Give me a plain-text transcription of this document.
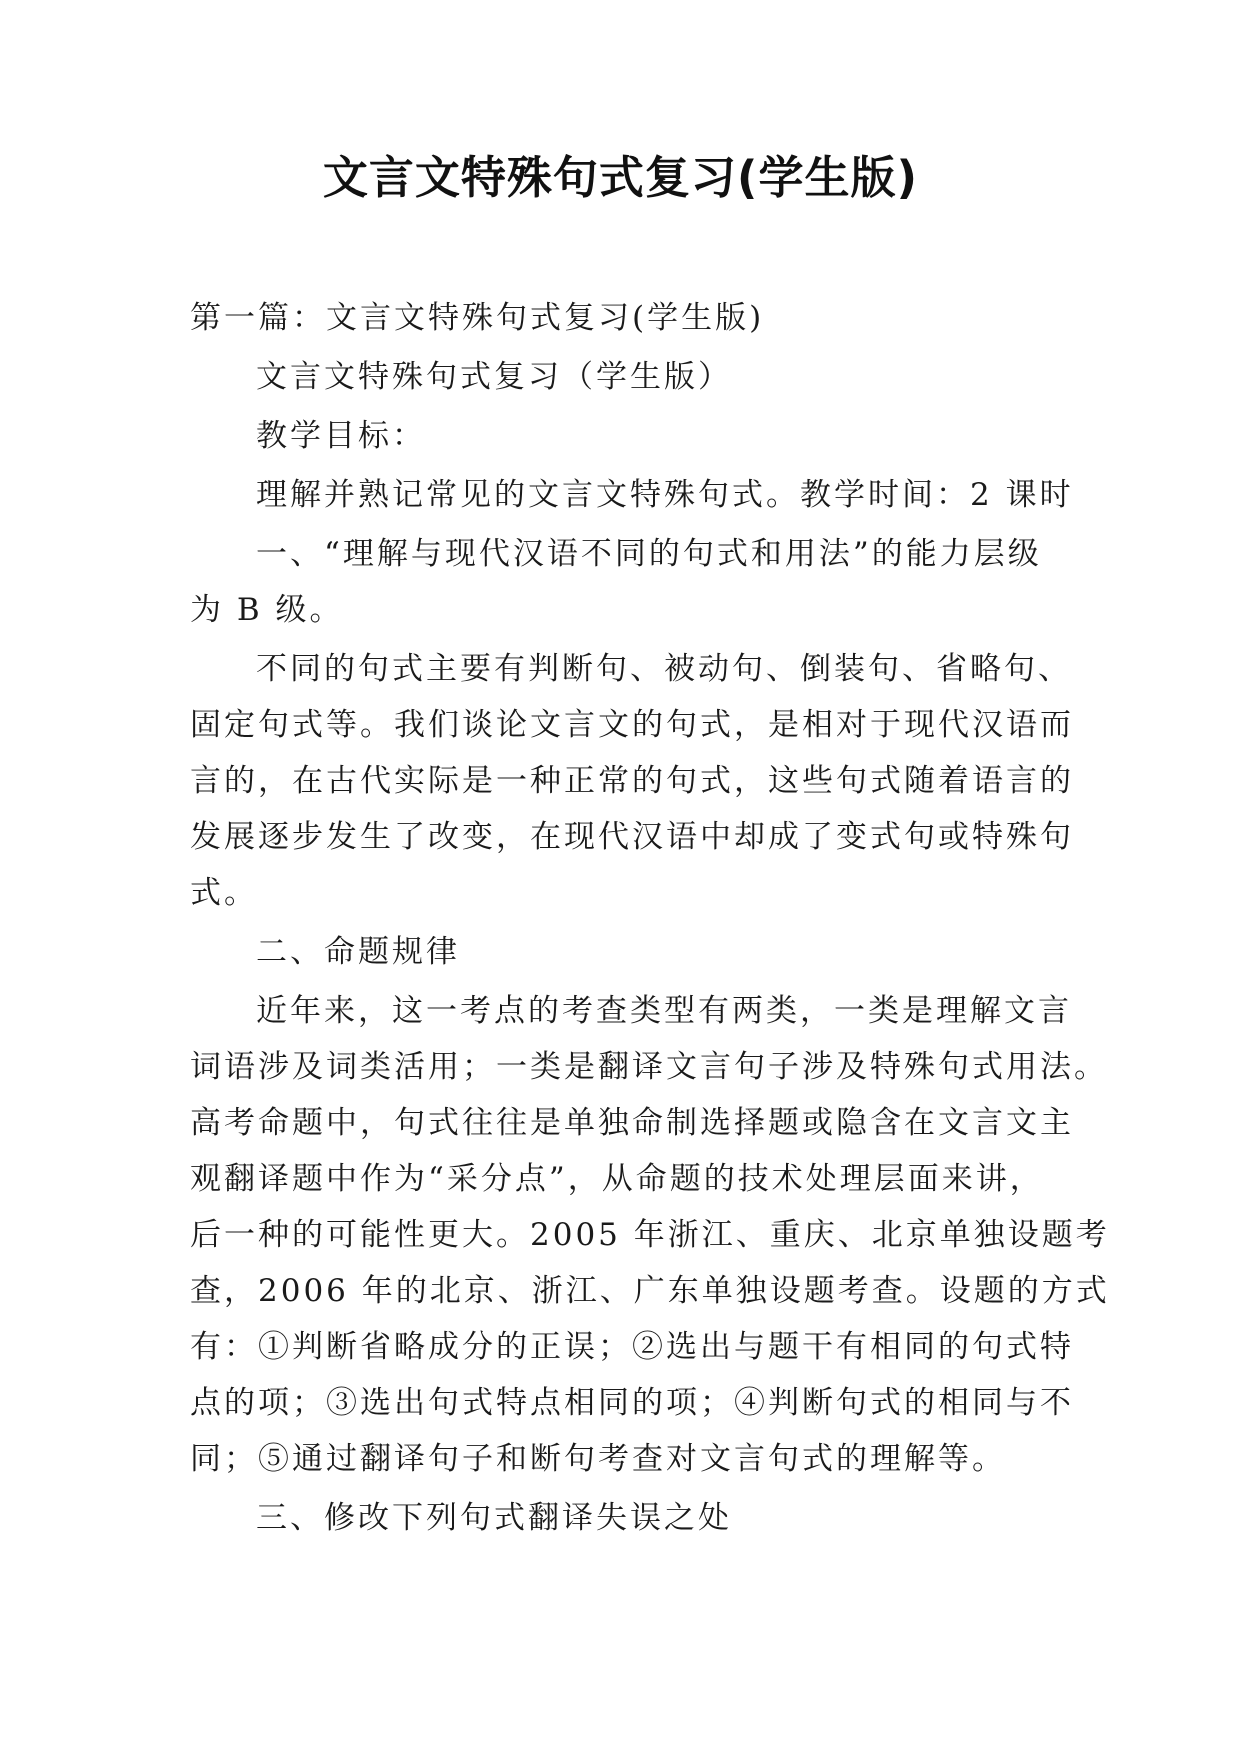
文言文特殊句式复习(学生版)

第一篇：文言文特殊句式复习(学生版)

文言文特殊句式复习（学生版）

教学目标：

理解并熟记常见的文言文特殊句式。教学时间：2 课时

一、“理解与现代汉语不同的句式和用法”的能力层级

为 B 级。

不同的句式主要有判断句、被动句、倒装句、省略句、

固定句式等。我们谈论文言文的句式，是相对于现代汉语而

言的，在古代实际是一种正常的句式，这些句式随着语言的

发展逐步发生了改变，在现代汉语中却成了变式句或特殊句

式。

二、命题规律

近年来，这一考点的考查类型有两类，一类是理解文言

词语涉及词类活用；一类是翻译文言句子涉及特殊句式用法。

高考命题中，句式往往是单独命制选择题或隐含在文言文主

观翻译题中作为“采分点”，从命题的技术处理层面来讲，

后一种的可能性更大。2005 年浙江、重庆、北京单独设题考

查，2006 年的北京、浙江、广东单独设题考查。设题的方式

有：①判断省略成分的正误；②选出与题干有相同的句式特

点的项；③选出句式特点相同的项；④判断句式的相同与不

同；⑤通过翻译句子和断句考查对文言句式的理解等。

三、修改下列句式翻译失误之处
